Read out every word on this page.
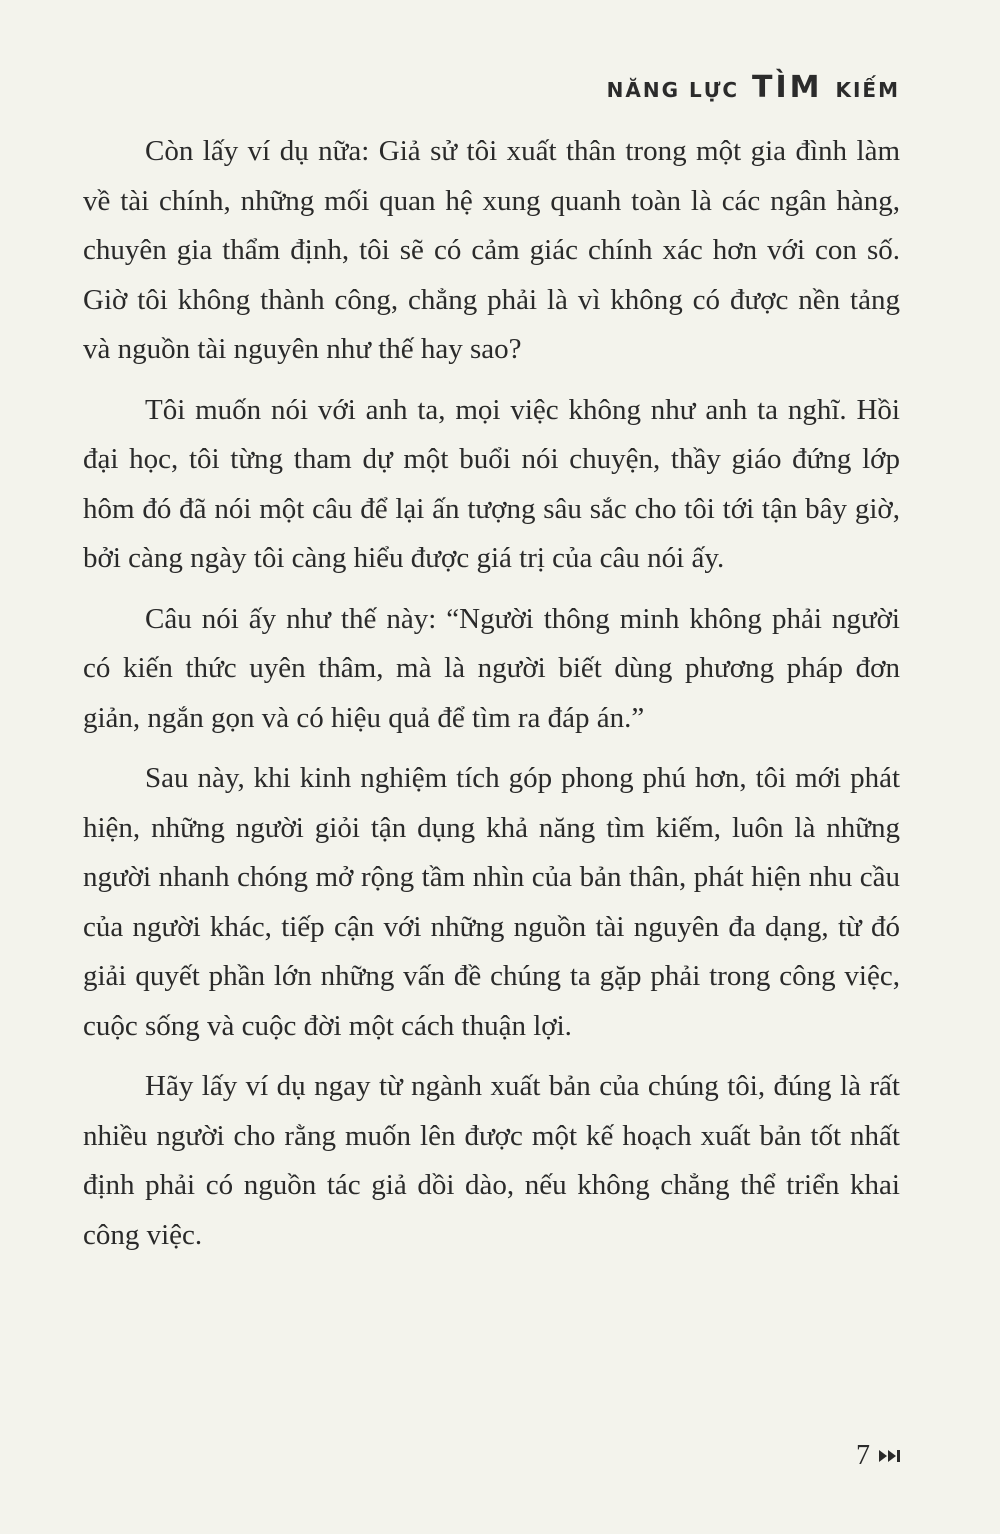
NĂNG LỰC TÌM KIẾM

Còn lấy ví dụ nữa: Giả sử tôi xuất thân trong một gia đình làm về tài chính, những mối quan hệ xung quanh toàn là các ngân hàng, chuyên gia thẩm định, tôi sẽ có cảm giác chính xác hơn với con số. Giờ tôi không thành công, chẳng phải là vì không có được nền tảng và nguồn tài nguyên như thế hay sao?

Tôi muốn nói với anh ta, mọi việc không như anh ta nghĩ. Hồi đại học, tôi từng tham dự một buổi nói chuyện, thầy giáo đứng lớp hôm đó đã nói một câu để lại ấn tượng sâu sắc cho tôi tới tận bây giờ, bởi càng ngày tôi càng hiểu được giá trị của câu nói ấy.

Câu nói ấy như thế này: “Người thông minh không phải người có kiến thức uyên thâm, mà là người biết dùng phương pháp đơn giản, ngắn gọn và có hiệu quả để tìm ra đáp án.”

Sau này, khi kinh nghiệm tích góp phong phú hơn, tôi mới phát hiện, những người giỏi tận dụng khả năng tìm kiếm, luôn là những người nhanh chóng mở rộng tầm nhìn của bản thân, phát hiện nhu cầu của người khác, tiếp cận với những nguồn tài nguyên đa dạng, từ đó giải quyết phần lớn những vấn đề chúng ta gặp phải trong công việc, cuộc sống và cuộc đời một cách thuận lợi.

Hãy lấy ví dụ ngay từ ngành xuất bản của chúng tôi, đúng là rất nhiều người cho rằng muốn lên được một kế hoạch xuất bản tốt nhất định phải có nguồn tác giả dồi dào, nếu không chẳng thể triển khai công việc.

7
